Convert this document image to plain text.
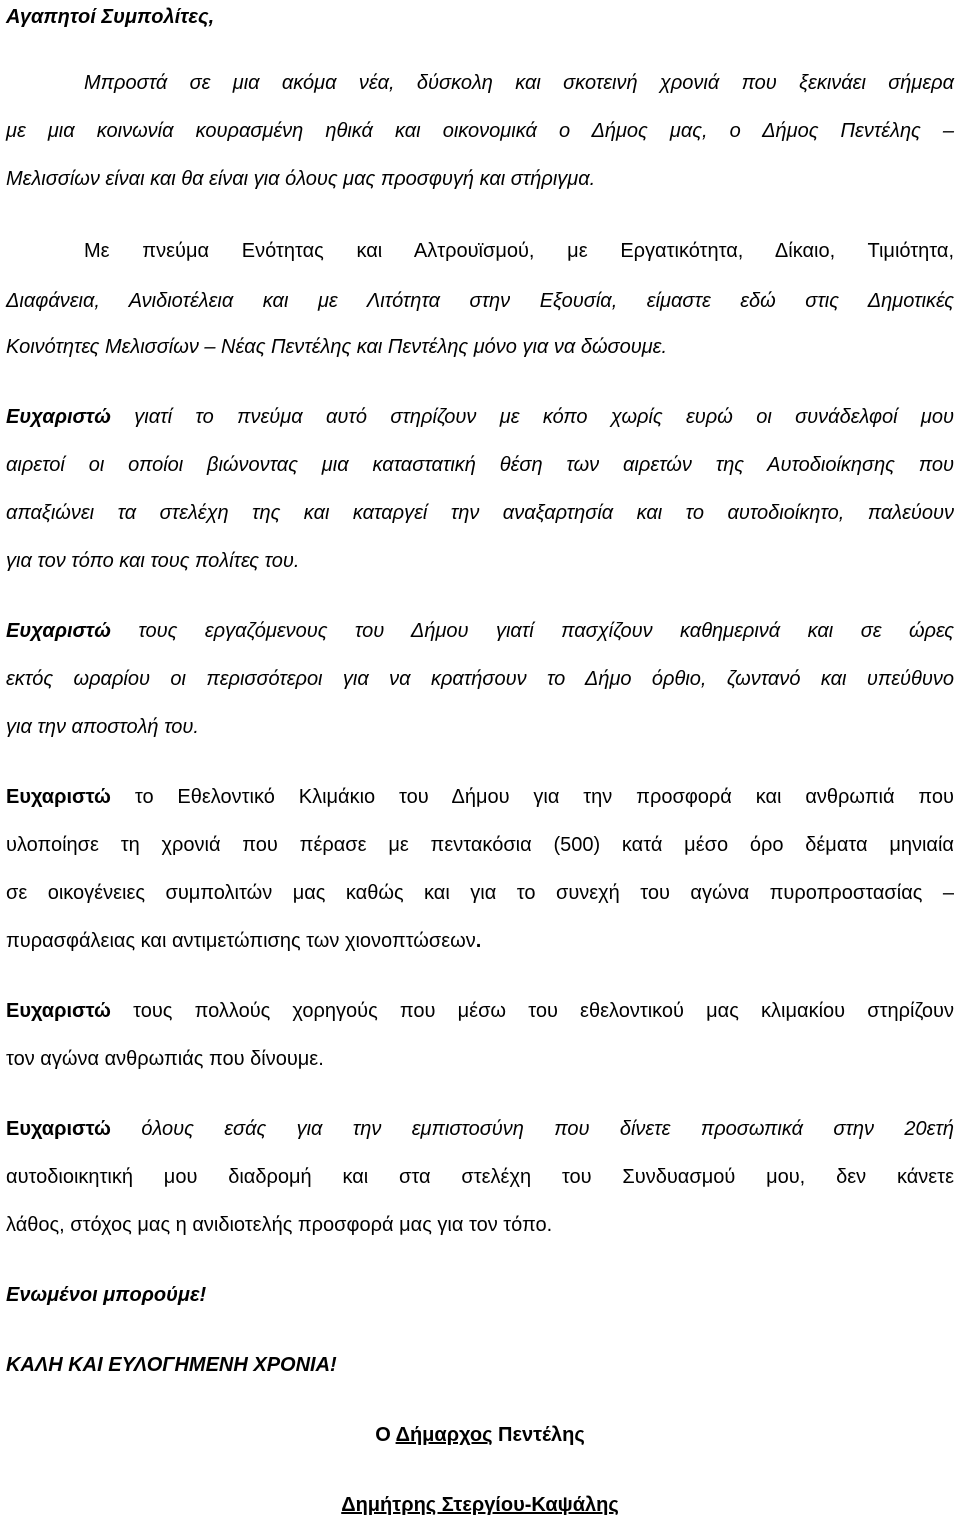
Αγαπητοί Συμπολίτες,
Μπροστά σε μια ακόμα νέα, δύσκολη και σκοτεινή χρονιά που ξεκινάει σήμερα
με μια κοινωνία κουρασμένη ηθικά και οικονομικά ο Δήμος μας, ο Δήμος Πεντέλης –
Μελισσίων είναι και θα είναι για όλους μας προσφυγή και στήριγμα.
Με πνεύμα Ενότητας και Αλτρουϊσμού, με Εργατικότητα, Δίκαιο, Τιμιότητα,
Διαφάνεια, Ανιδιοτέλεια και με Λιτότητα στην Εξουσία, είμαστε εδώ στις Δημοτικές
Κοινότητες Μελισσίων – Νέας Πεντέλης και Πεντέλης μόνο για να δώσουμε.
Ευχαριστώ γιατί το πνεύμα αυτό στηρίζουν με κόπο χωρίς ευρώ οι συνάδελφοί μου
αιρετοί οι οποίοι βιώνοντας μια καταστατική θέση των αιρετών της Αυτοδιοίκησης που
απαξιώνει τα στελέχη της και καταργεί την αναξαρτησία και το αυτοδιοίκητο, παλεύουν
για τον τόπο και τους πολίτες του.
Ευχαριστώ τους εργαζόμενους του Δήμου γιατί πασχίζουν καθημερινά και σε ώρες
εκτός ωραρίου οι περισσότεροι για να κρατήσουν το Δήμο όρθιο, ζωντανό και υπεύθυνο
για την αποστολή του.
Ευχαριστώ το Εθελοντικό Κλιμάκιο του Δήμου για την προσφορά και ανθρωπιά που
υλοποίησε τη χρονιά που πέρασε με πεντακόσια (500) κατά μέσο όρο δέματα μηνιαία
σε οικογένειες συμπολιτών μας καθώς και για το συνεχή του αγώνα πυροπροστασίας –
πυρασφάλειας και αντιμετώπισης των χιονοπτώσεων.
Ευχαριστώ τους πολλούς χορηγούς που μέσω του εθελοντικού μας κλιμακίου στηρίζουν
τον αγώνα ανθρωπιάς που δίνουμε.
Ευχαριστώ όλους εσάς για την εμπιστοσύνη που δίνετε προσωπικά στην 20ετή
αυτοδιοικητική μου διαδρομή και στα στελέχη του Συνδυασμού μου, δεν κάνετε
λάθος, στόχος μας η ανιδιοτελής προσφορά μας για τον τόπο.
Ενωμένοι μπορούμε!
ΚΑΛΗ ΚΑΙ ΕΥΛΟΓΗΜΕΝΗ ΧΡΟΝΙΑ!
Ο Δήμαρχος Πεντέλης
Δημήτρης Στεργίου-Καψάλης
